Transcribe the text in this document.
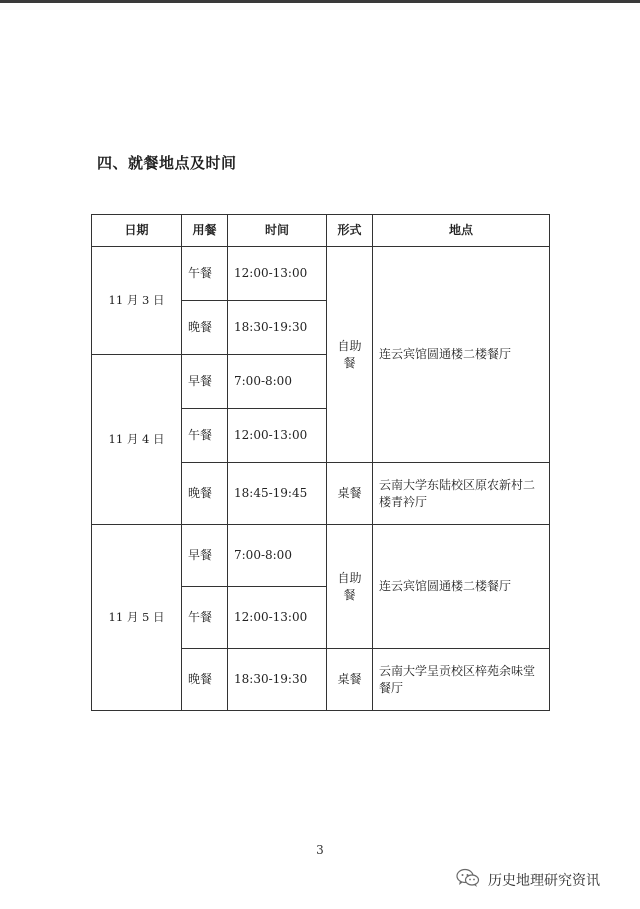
四、就餐地点及时间
日期	用餐	时间	形式	地点
11 月 3 日	午餐	12:00-13:00	自助餐	连云宾馆圆通楼二楼餐厅
	晚餐	18:30-19:30		
11 月 4 日	早餐	7:00-8:00		
	午餐	12:00-13:00		
	晚餐	18:45-19:45	桌餐	云南大学东陆校区原农新村二楼青衿厅
11 月 5 日	早餐	7:00-8:00	自助餐	连云宾馆圆通楼二楼餐厅
	午餐	12:00-13:00		
	晚餐	18:30-19:30	桌餐	云南大学呈贡校区梓苑余味堂餐厅
3
历史地理研究资讯
